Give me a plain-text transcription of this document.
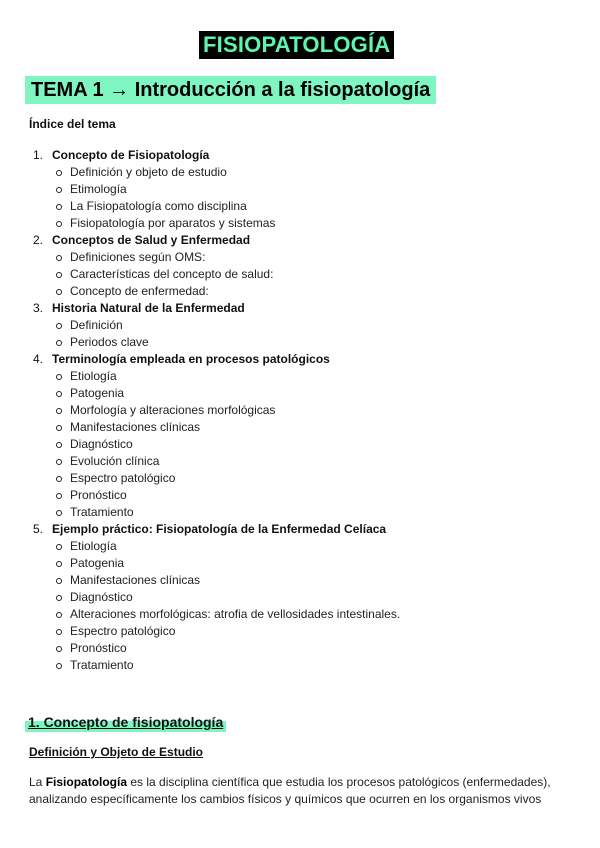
FISIOPATOLOGÍA
TEMA 1 → Introducción a la fisiopatología
Índice del tema
1. Concepto de Fisiopatología
Definición y objeto de estudio
Etimología
La Fisiopatología como disciplina
Fisiopatología por aparatos y sistemas
2. Conceptos de Salud y Enfermedad
Definiciones según OMS:
Características del concepto de salud:
Concepto de enfermedad:
3. Historia Natural de la Enfermedad
Definición
Periodos clave
4. Terminología empleada en procesos patológicos
Etiología
Patogenia
Morfología y alteraciones morfológicas
Manifestaciones clínicas
Diagnóstico
Evolución clínica
Espectro patológico
Pronóstico
Tratamiento
5. Ejemplo práctico: Fisiopatología de la Enfermedad Celíaca
Etiología
Patogenia
Manifestaciones clínicas
Diagnóstico
Alteraciones morfológicas: atrofia de vellosidades intestinales.
Espectro patológico
Pronóstico
Tratamiento
1. Concepto de fisiopatología
Definición y Objeto de Estudio
La Fisiopatología es la disciplina científica que estudia los procesos patológicos (enfermedades), analizando específicamente los cambios físicos y químicos que ocurren en los organismos vivos
